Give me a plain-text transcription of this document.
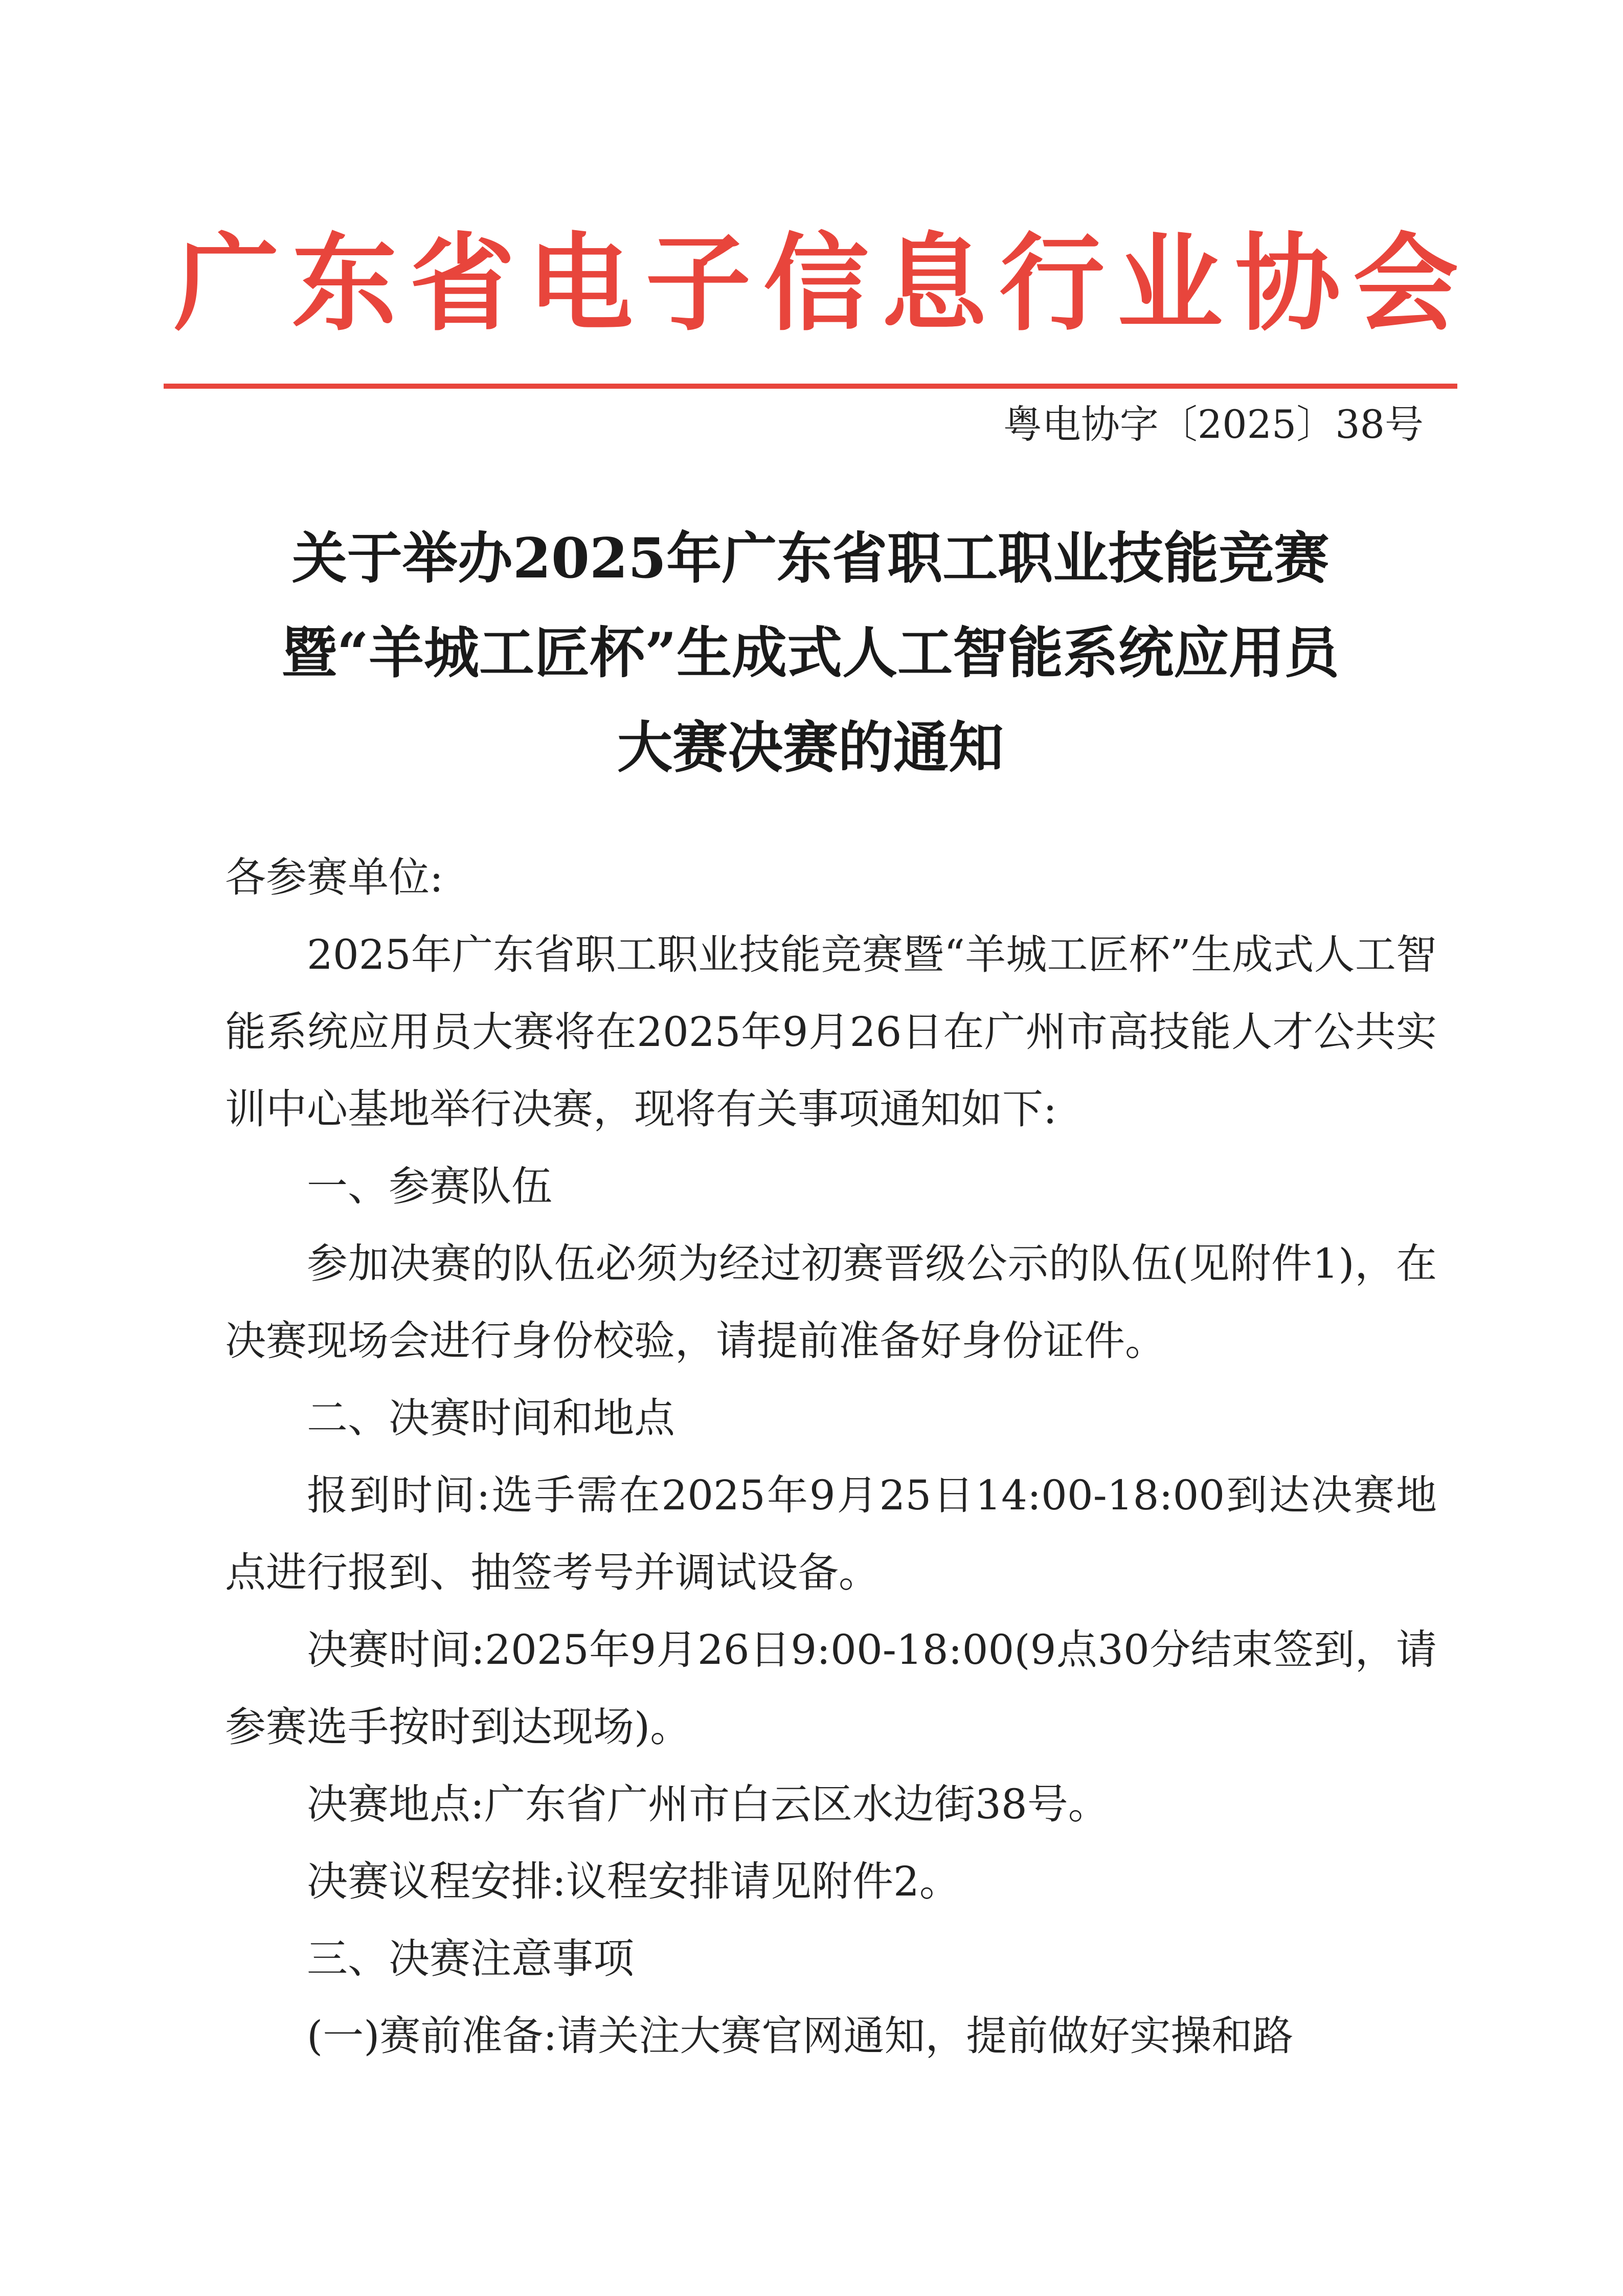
广东省电子信息行业协会
粤电协字〔2025〕38号
关于举办2025年广东省职工职业技能竞赛
暨“羊城工匠杯”生成式人工智能系统应用员
大赛决赛的通知

各参赛单位:

2025年广东省职工职业技能竞赛暨“羊城工匠杯”生成式人工智能系统应用员大赛将在2025年9月26日在广州市高技能人才公共实训中心基地举行决赛，现将有关事项通知如下:

一、参赛队伍

参加决赛的队伍必须为经过初赛晋级公示的队伍(见附件1)，在决赛现场会进行身份校验，请提前准备好身份证件。

二、决赛时间和地点

报到时间:选手需在2025年9月25日14:00-18:00到达决赛地点进行报到、抽签考号并调试设备。

决赛时间:2025年9月26日9:00-18:00(9点30分结束签到，请参赛选手按时到达现场)。

决赛地点:广东省广州市白云区水边街38号。

决赛议程安排:议程安排请见附件2。

三、决赛注意事项

(一)赛前准备:请关注大赛官网通知，提前做好实操和路
